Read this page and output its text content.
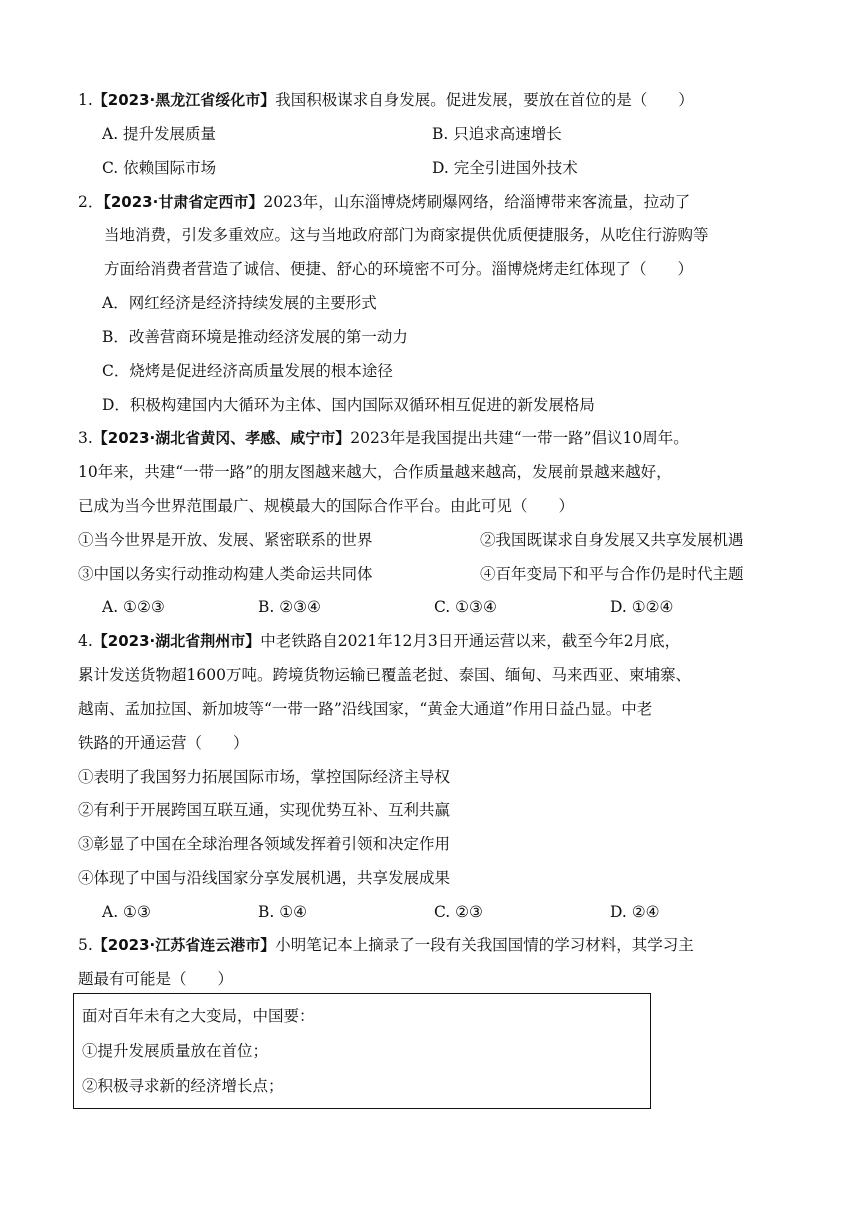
1.【2023·黑龙江省绥化市】我国积极谋求自身发展。促进发展，要放在首位的是（　　）
A. 提升发展质量	B. 只追求高速增长
C. 依赖国际市场	D. 完全引进国外技术
2．【2023·甘肃省定西市】2023年，山东淄博烧烤刷爆网络，给淄博带来客流量，拉动了
当地消费，引发多重效应。这与当地政府部门为商家提供优质便捷服务，从吃住行游购等
方面给消费者营造了诚信、便捷、舒心的环境密不可分。淄博烧烤走红体现了（　　）
A．网红经济是经济持续发展的主要形式
B．改善营商环境是推动经济发展的第一动力
C．烧烤是促进经济高质量发展的根本途径
D．积极构建国内大循环为主体、国内国际双循环相互促进的新发展格局
3.【2023·湖北省黄冈、孝感、咸宁市】2023年是我国提出共建“一带一路”倡议10周年。
10年来，共建“一带一路”的朋友图越来越大，合作质量越来越高，发展前景越来越好，
已成为当今世界范围最广、规模最大的国际合作平台。由此可见（　　）
①当今世界是开放、发展、紧密联系的世界	②我国既谋求自身发展又共享发展机遇
③中国以务实行动推动构建人类命运共同体	④百年变局下和平与合作仍是时代主题
A. ①②③	B. ②③④	C. ①③④	D. ①②④
4.【2023·湖北省荆州市】中老铁路自2021年12月3日开通运营以来，截至今年2月底，
累计发送货物超1600万吨。跨境货物运输已覆盖老挝、泰国、缅甸、马来西亚、柬埔寨、
越南、孟加拉国、新加坡等“一带一路”沿线国家，“黄金大通道”作用日益凸显。中老
铁路的开通运营（　　）
①表明了我国努力拓展国际市场，掌控国际经济主导权
②有利于开展跨国互联互通，实现优势互补、互利共赢
③彰显了中国在全球治理各领域发挥着引领和决定作用
④体现了中国与沿线国家分享发展机遇，共享发展成果
A. ①③	B. ①④	C. ②③	D. ②④
5.【2023·江苏省连云港市】小明笔记本上摘录了一段有关我国国情的学习材料，其学习主
题最有可能是（　　）
面对百年未有之大变局，中国要：
①提升发展质量放在首位；
②积极寻求新的经济增长点；
